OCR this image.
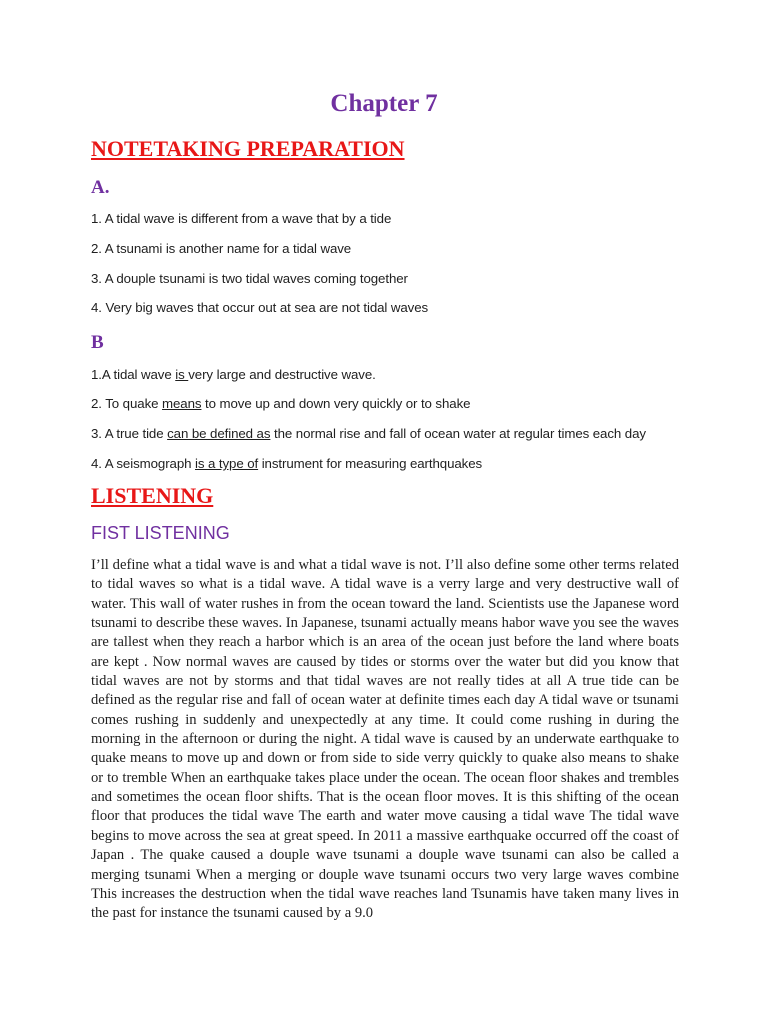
Chapter 7
NOTETAKING PREPARATION
A.
1. A tidal wave is different from a wave that by a tide
2. A tsunami is another name for a tidal wave
3. A douple tsunami is two tidal waves coming together
4. Very big waves that occur out at sea are not tidal waves
B
1.A tidal wave is very large and destructive wave.
2. To quake means to move up and down very quickly or to shake
3. A true tide can be defined as the normal rise and fall of ocean water at regular times each day
4. A seismograph is a type of instrument for measuring earthquakes
LISTENING
FIST LISTENING
I’ll define what a tidal wave is and what a tidal wave is not. I’ll also define some other terms related to tidal waves so what is a tidal wave. A tidal wave is a verry large and very destructive wall of water. This wall of water rushes in from the ocean toward the land. Scientists use the Japanese word tsunami to describe these waves. In Japanese, tsunami actually means habor wave you see the waves are tallest when they reach a harbor which is an area of the ocean just before the land where boats are kept . Now normal waves are caused by tides or storms over the water but did you know that tidal waves are not by storms and that tidal waves are not really tides at all A true tide can be defined as the regular rise and fall of ocean water at definite times each day A tidal wave or tsunami comes rushing in suddenly and unexpectedly at any time. It could come rushing in during the morning in the afternoon or during the night. A tidal wave is caused by an underwate earthquake to quake means to move up and down or from side to side verry quickly to quake also means to shake or to tremble When an earthquake takes place under the ocean. The ocean floor shakes and trembles and sometimes the ocean floor shifts. That is the ocean floor moves. It is this shifting of the ocean floor that produces the tidal wave The earth and water move causing a tidal wave The tidal wave begins to move across the sea at great speed. In 2011 a massive earthquake occurred off the coast of Japan . The quake caused a douple wave tsunami a douple wave tsunami can also be called a merging tsunami When a merging or douple wave tsunami occurs two very large waves combine This increases the destruction when the tidal wave reaches land Tsunamis have taken many lives in the past for instance the tsunami caused by a 9.0
